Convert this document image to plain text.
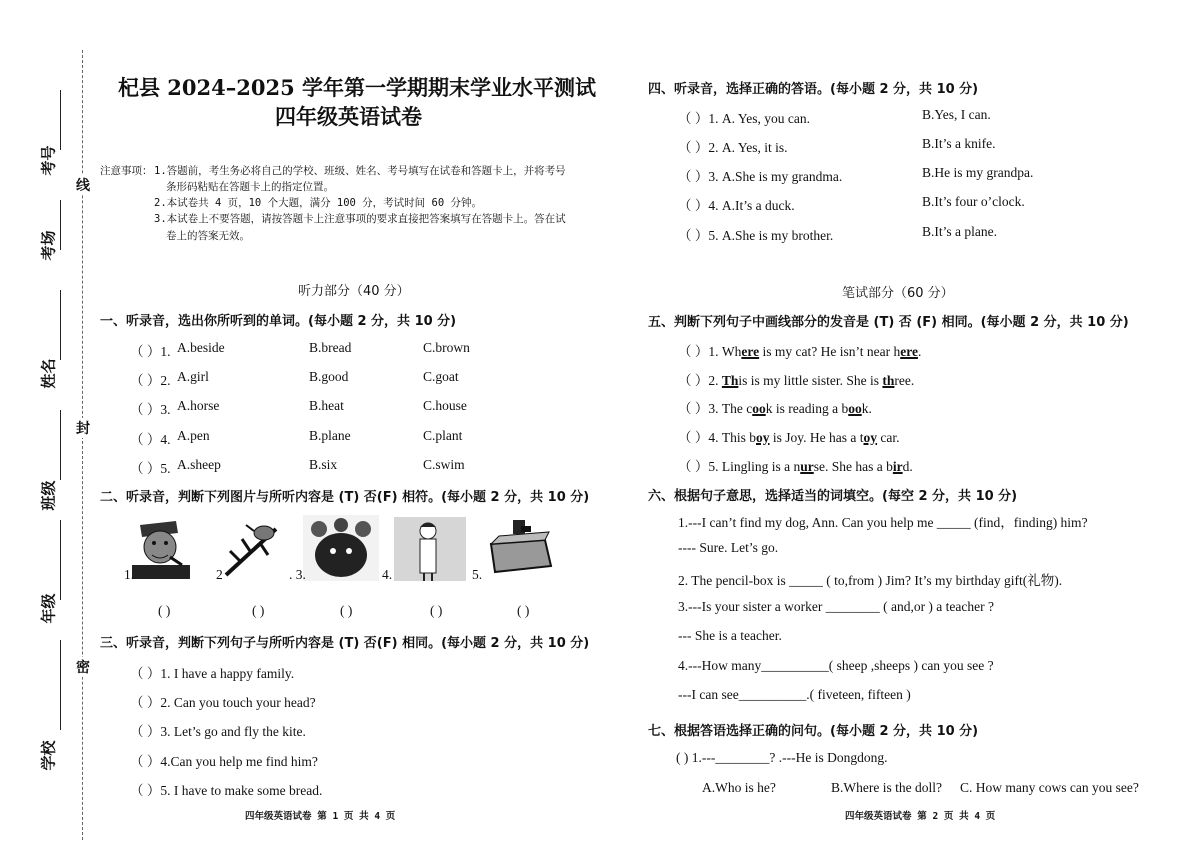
考号
考场
姓名
班级
年级
学校
线
封
密
杞县 2024–2025 学年第一学期期末学业水平测试
四年级英语试卷
注意事项： 1.答题前，考生务必将自己的学校、班级、姓名、考号填写在试卷和答题卡上，并将考号
条形码粘贴在答题卡上的指定位置。
2.本试卷共 4 页，10 个大题，满分 100 分，考试时间 60 分钟。
3.本试卷上不要答题，请按答题卡上注意事项的要求直接把答案填写在答题卡上。答在试
卷上的答案无效。
听力部分（40 分）
一、听录音，选出你所听到的单词。(每小题 2 分，共 10 分)
（ ）1. A.beside	B.bread	C.brown
（ ）2. A.girl	B.good	C.goat
（ ）3. A.horse	B.heat	C.house
（ ）4. A.pen	B.plane	C.plant
（ ）5. A.sheep	B.six	C.swim
二、听录音，判断下列图片与所听内容是 (T) 否(F) 相符。(每小题 2 分，共 10 分)
1.	2	. 3.	4.	5.
( )	( )	( )	( )	( )
三、听录音，判断下列句子与所听内容是 (T) 否(F) 相同。(每小题 2 分，共 10 分)
（ ）1. I have a happy family.
（ ）2. Can you touch your head?
（ ）3. Let’s go and fly the kite.
（ ）4.Can you help me find him?
（ ）5. I have to make some bread.
四年级英语试卷 第 1 页 共 4 页
四、听录音，选择正确的答语。(每小题 2 分，共 10 分)
（ ）1. A. Yes, you can.	B.Yes, I can.
（ ）2. A. Yes, it is.	B.It’s a knife.
（ ）3. A.She is my grandma.	B.He is my grandpa.
（ ）4. A.It’s a duck.	B.It’s four o’clock.
（ ）5. A.She is my brother.	B.It’s a plane.
笔试部分（60 分）
五、判断下列句子中画线部分的发音是 (T) 否 (F) 相同。(每小题 2 分，共 10 分)
（ ）1. Where is my cat? He isn’t near here.
（ ）2. This is my little sister. She is three.
（ ）3. The cook is reading a book.
（ ）4. This boy is Joy. He has a toy car.
（ ）5. Lingling is a nurse. She has a bird.
六、根据句子意思，选择适当的词填空。(每空 2 分，共 10 分)
1.---I can’t find my dog, Ann. Can you help me _____ (find，finding) him?
---- Sure. Let’s go.
2. The pencil-box is _____ ( to,from ) Jim? It’s my birthday gift(礼物).
3.---Is your sister a worker ________ ( and,or ) a teacher ?
--- She is a teacher.
4.---How many__________( sheep ,sheeps ) can you see ?
---I can see__________.( fiveteen, fifteen )
七、根据答语选择正确的问句。(每小题 2 分，共 10 分)
( ) 1.---________? .---He is Dongdong.
A.Who is he?	B.Where is the doll? C. How many cows can you see?
四年级英语试卷 第 2 页 共 4 页
